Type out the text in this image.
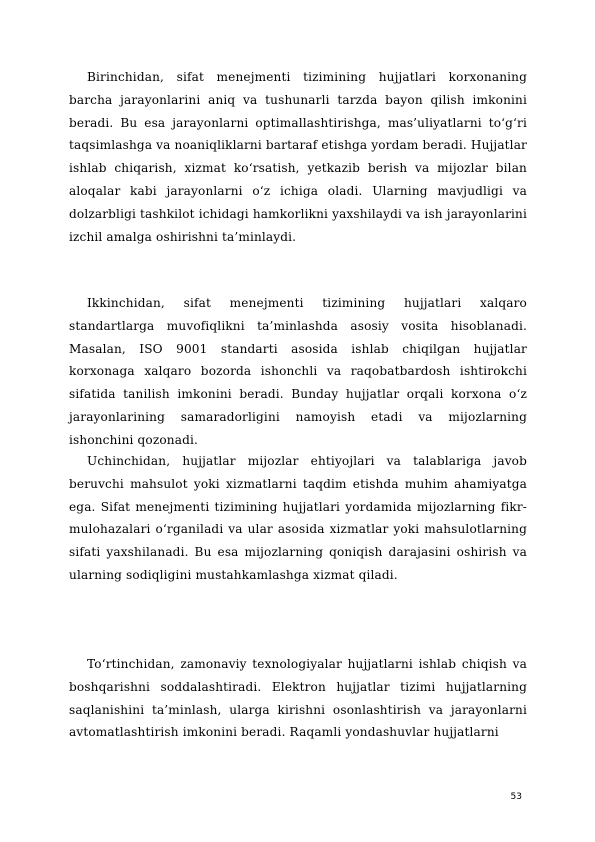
Birinchidan, sifat menejmenti tizimining hujjatlari korxonaning barcha jarayonlarini aniq va tushunarli tarzda bayon qilish imkonini beradi. Bu esa jarayonlarni optimallashtirishga, mas’uliyatlarni to‘g‘ri taqsimlashga va noaniqliklarni bartaraf etishga yordam beradi. Hujjatlar ishlab chiqarish, xizmat ko‘rsatish, yetkazib berish va mijozlar bilan aloqalar kabi jarayonlarni o‘z ichiga oladi. Ularning mavjudligi va dolzarbligi tashkilot ichidagi hamkorlikni yaxshilaydi va ish jarayonlarini izchil amalga oshirishni ta’minlaydi.

Ikkinchidan, sifat menejmenti tizimining hujjatlari xalqaro standartlarga muvofiqlikni ta’minlashda asosiy vosita hisoblanadi. Masalan, ISO 9001 standarti asosida ishlab chiqilgan hujjatlar korxonaga xalqaro bozorda ishonchli va raqobatbardosh ishtirokchi sifatida tanilish imkonini beradi. Bunday hujjatlar orqali korxona o‘z jarayonlarining samaradorligini namoyish etadi va mijozlarning ishonchini qozonadi.

Uchinchidan, hujjatlar mijozlar ehtiyojlari va talablariga javob beruvchi mahsulot yoki xizmatlarni taqdim etishda muhim ahamiyatga ega. Sifat menejmenti tizimining hujjatlari yordamida mijozlarning fikr-mulohazalari o‘rganiladi va ular asosida xizmatlar yoki mahsulotlarning sifati yaxshilanadi. Bu esa mijozlarning qoniqish darajasini oshirish va ularning sodiqligini mustahkamlashga xizmat qiladi.

To‘rtinchidan, zamonaviy texnologiyalar hujjatlarni ishlab chiqish va boshqarishni soddalashtiradi. Elektron hujjatlar tizimi hujjatlarning saqlanishini ta’minlash, ularga kirishni osonlashtirish va jarayonlarni avtomatlashtirish imkonini beradi. Raqamli yondashuvlar hujjatlarni

53
